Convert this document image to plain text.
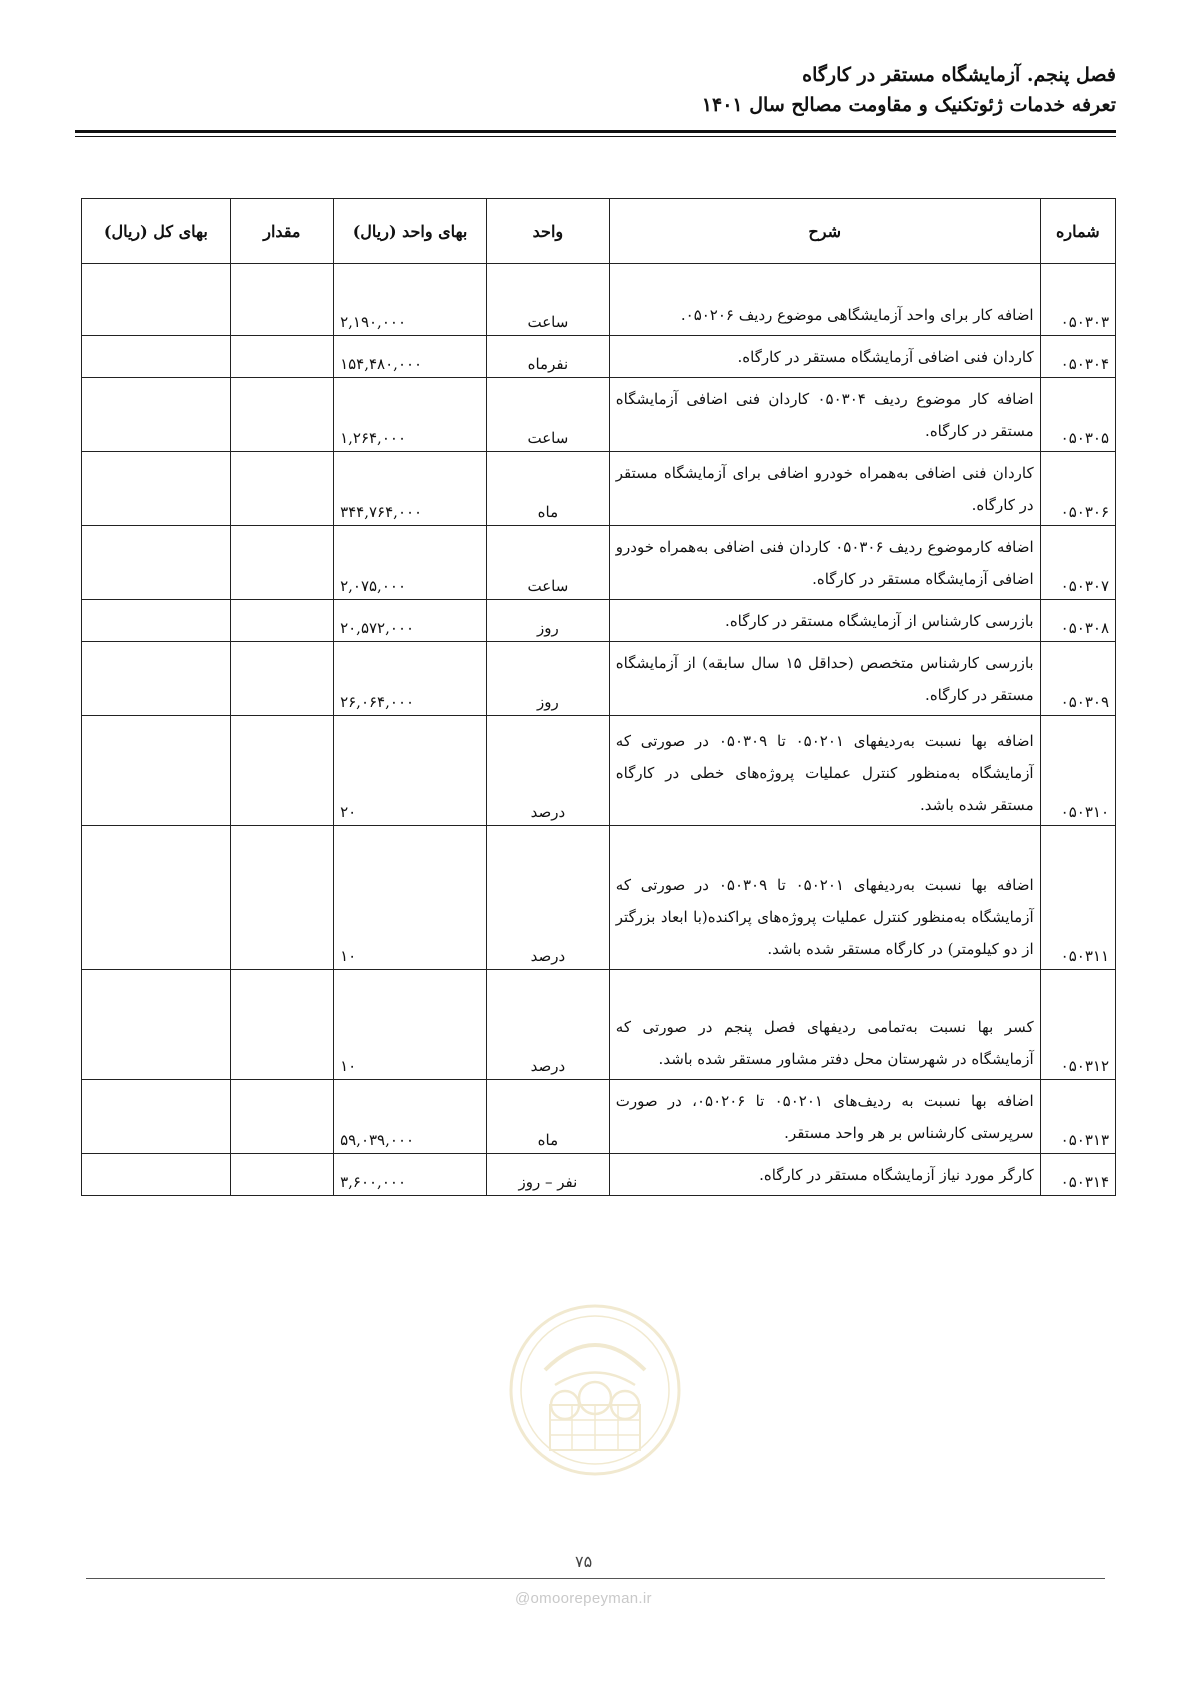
فصل پنجم. آزمایشگاه مستقر در کارگاه

تعرفه خدمات ژئوتکنیک و مقاومت مصالح سال ۱۴۰۱

شماره	شرح	واحد	بهای واحد (ریال)	مقدار	بهای کل (ریال)
۰۵۰۳۰۳	اضافه کار برای واحد آزمایشگاهی موضوع ردیف ۰۵۰۲۰۶.	ساعت	۲,۱۹۰,۰۰۰		
۰۵۰۳۰۴	کاردان فنی اضافی آزمایشگاه مستقر در کارگاه.	نفرماه	۱۵۴,۴۸۰,۰۰۰		
۰۵۰۳۰۵	اضافه کار موضوع ردیف ۰۵۰۳۰۴ کاردان فنی اضافی آزمایشگاه مستقر در کارگاه.	ساعت	۱,۲۶۴,۰۰۰		
۰۵۰۳۰۶	کاردان فنی اضافی به‌همراه خودرو اضافی برای آزمایشگاه مستقر در کارگاه.	ماه	۳۴۴,۷۶۴,۰۰۰		
۰۵۰۳۰۷	اضافه کارموضوع ردیف ۰۵۰۳۰۶ کاردان فنی اضافی به‌همراه خودرو اضافی آزمایشگاه مستقر در کارگاه.	ساعت	۲,۰۷۵,۰۰۰		
۰۵۰۳۰۸	بازرسی کارشناس از آزمایشگاه مستقر در کارگاه.	روز	۲۰,۵۷۲,۰۰۰		
۰۵۰۳۰۹	بازرسی کارشناس متخصص (حداقل ۱۵ سال سابقه) از آزمایشگاه مستقر در کارگاه.	روز	۲۶,۰۶۴,۰۰۰		
۰۵۰۳۱۰	اضافه بها نسبت به‌ردیفهای ۰۵۰۲۰۱ تا ۰۵۰۳۰۹ در صورتی که آزمایشگاه به‌منظور کنترل عملیات پروژه‌های خطی در کارگاه مستقر شده باشد.	درصد	۲۰		
۰۵۰۳۱۱	اضافه بها نسبت به‌ردیفهای ۰۵۰۲۰۱ تا ۰۵۰۳۰۹ در صورتی که آزمایشگاه به‌منظور کنترل عملیات پروژه‌های پراکنده(با ابعاد بزرگتر از دو کیلومتر) در کارگاه مستقر شده باشد.	درصد	۱۰		
۰۵۰۳۱۲	کسر بها نسبت به‌تمامی ردیفهای فصل پنجم در صورتی که آزمایشگاه در شهرستان محل دفتر مشاور مستقر شده باشد.	درصد	۱۰		
۰۵۰۳۱۳	اضافه بها نسبت به ردیف‌های ۰۵۰۲۰۱ تا ۰۵۰۲۰۶، در صورت سرپرستی کارشناس بر هر واحد مستقر.	ماه	۵۹,۰۳۹,۰۰۰		
۰۵۰۳۱۴	کارگر مورد نیاز آزمایشگاه مستقر در کارگاه.	نفر – روز	۳,۶۰۰,۰۰۰		
۷۵
@omoorepeyman.ir
